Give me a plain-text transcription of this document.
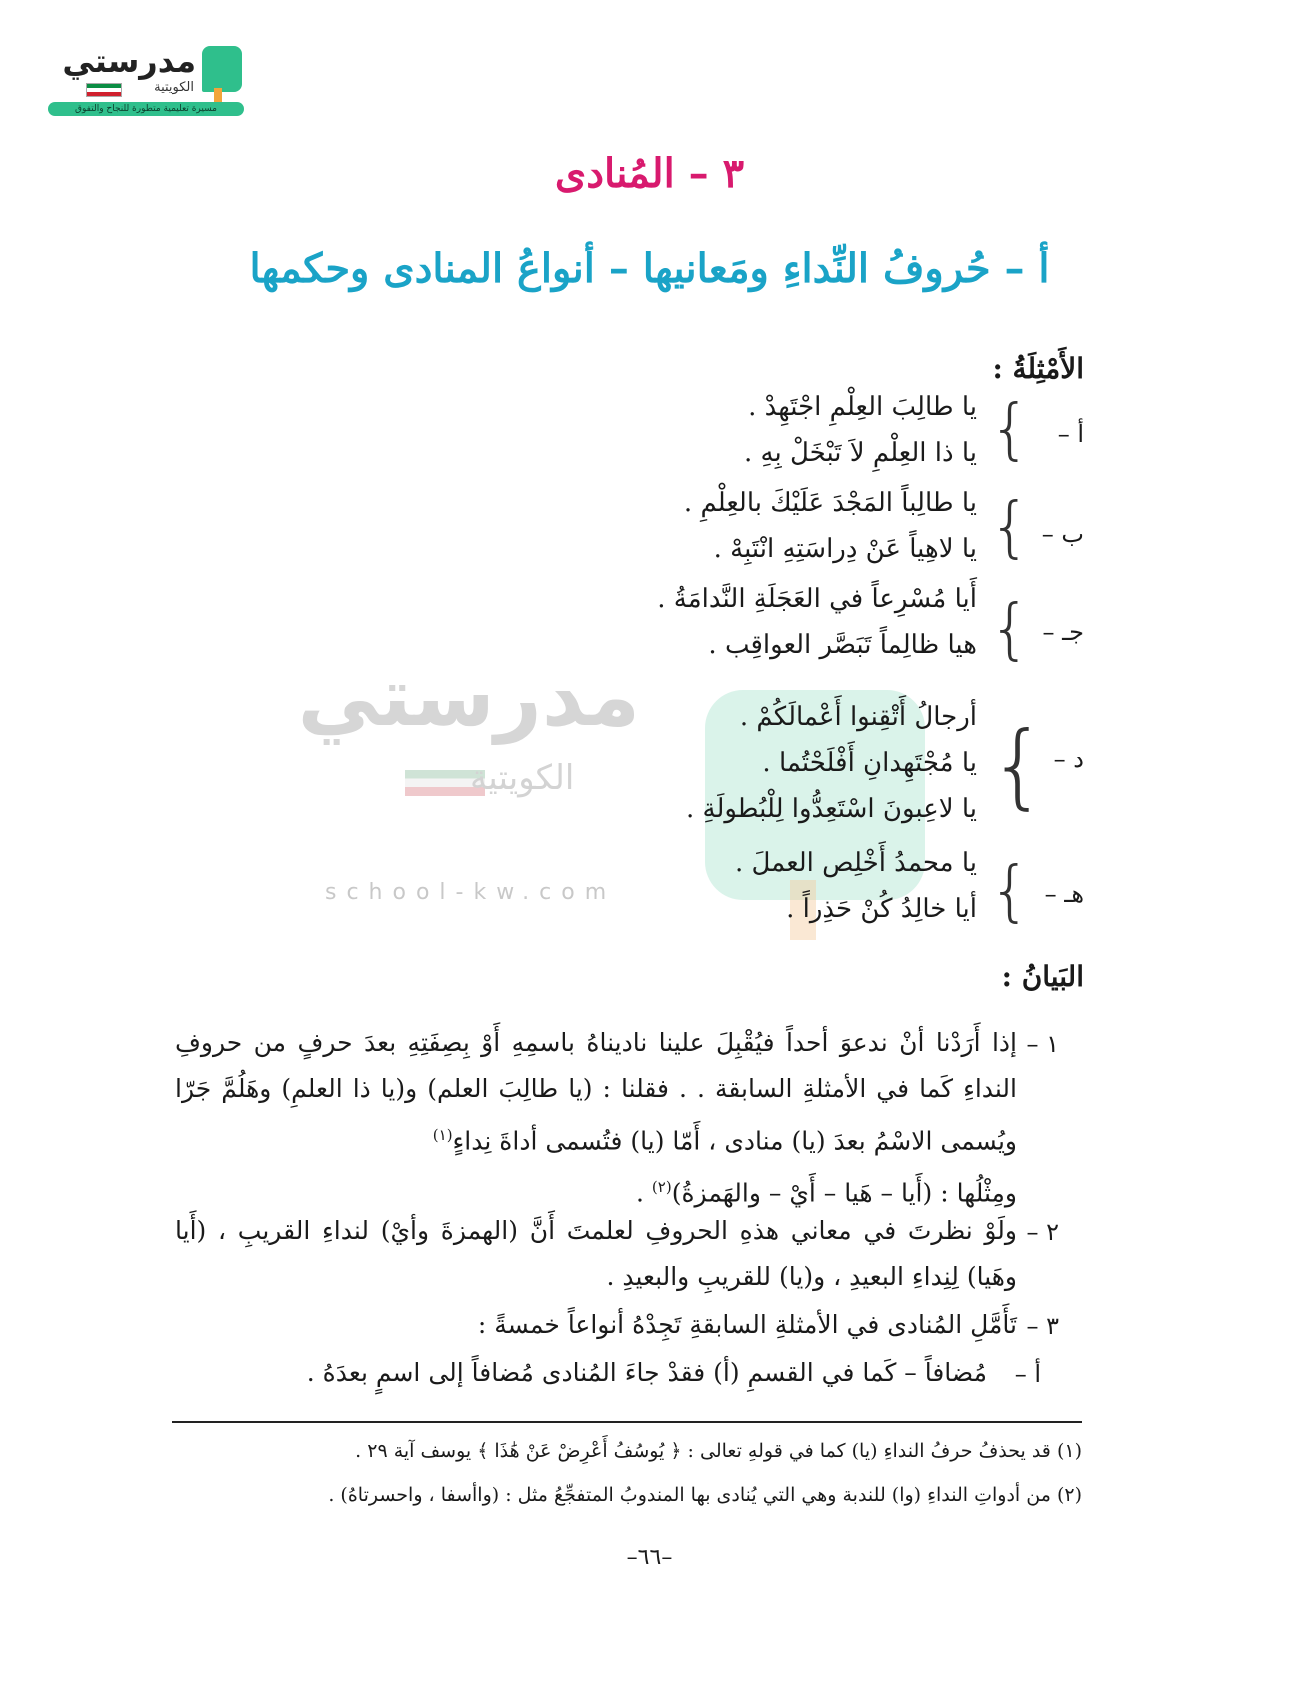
مدرستي
الكويتية
مسيرة تعليمية متطورة للنجاح والتفوق
مدرستي
الكويتية
school-kw.com
٣ – المُنادى
أ – حُروفُ النِّداءِ ومَعانيها – أنواعُ المنادى وحكمها
الأَمْثِلَةُ :
أ –
{
يا طالِبَ العِلْمِ اجْتَهِدْ .
يا ذا العِلْمِ لاَ تَبْخَلْ بِهِ .
ب –
{
يا طالِباً المَجْدَ عَلَيْكَ بالعِلْمِ .
يا لاهِياً عَنْ دِراسَتِهِ انْتَبِهْ .
جـ –
{
أَيا مُسْرِعاً في العَجَلَةِ النَّدامَةُ .
هيا ظالِماً تَبَصَّر العواقِب .
د –
{
أرجالُ أَتْقِنوا أَعْمالَكُمْ .
يا مُجْتَهِدانِ أَفْلَحْتُما .
يا لاعِبونَ اسْتَعِدُّوا لِلْبُطولَةِ .
هـ –
{
يا محمدُ أَخْلِص العملَ .
أيا خالِدُ كُنْ حَذِراً .
البَيانُ :
١ –
إذا أَرَدْنا أنْ ندعوَ أحداً فيُقْبِلَ علينا ناديناهُ باسمِهِ أَوْ بِصِفَتِهِ بعدَ حرفٍ من حروفِ النداءِ كَما في الأمثلةِ السابقة . . فقلنا : (يا طالِبَ العلم) و(يا ذا العلمِ) وهَلُمَّ جَرّا ويُسمى الاسْمُ بعدَ (يا) منادى ، أَمّا (يا) فتُسمى أداةَ نِداءٍ$^{(١)}$
ومِثْلُها : (أَيا – هَيا – أَيْ – والهَمزةُ)$^{(٢)}$ .
٢ –
ولَوْ نظرتَ في معاني هذهِ الحروفِ لعلمتَ أَنَّ (الهمزةَ وأيْ) لنداءِ القريبِ ، (أَيا وهَيا) لِنِداءِ البعيدِ ، و(يا) للقريبِ والبعيدِ .
٣ –
تَأَمَّلِ المُنادى في الأمثلةِ السابقةِ تَجِدْهُ أنواعاً خمسةً :
أ –
مُضافاً – كَما في القسمِ (أ) فقدْ جاءَ المُنادى مُضافاً إلى اسمٍ بعدَهُ .
(١) قد يحذفُ حرفُ النداءِ (يا) كما في قولهِ تعالى : ﴿ يُوسُفُ أَعْرِضْ عَنْ هَٰذَا ﴾ يوسف آية ٢٩ .
(٢) من أدواتِ النداءِ (وا) للندبة وهي التي يُنادى بها المندوبُ المتفجِّعُ مثل : (واأسفا ، واحسرتاهُ) .
–٦٦–
